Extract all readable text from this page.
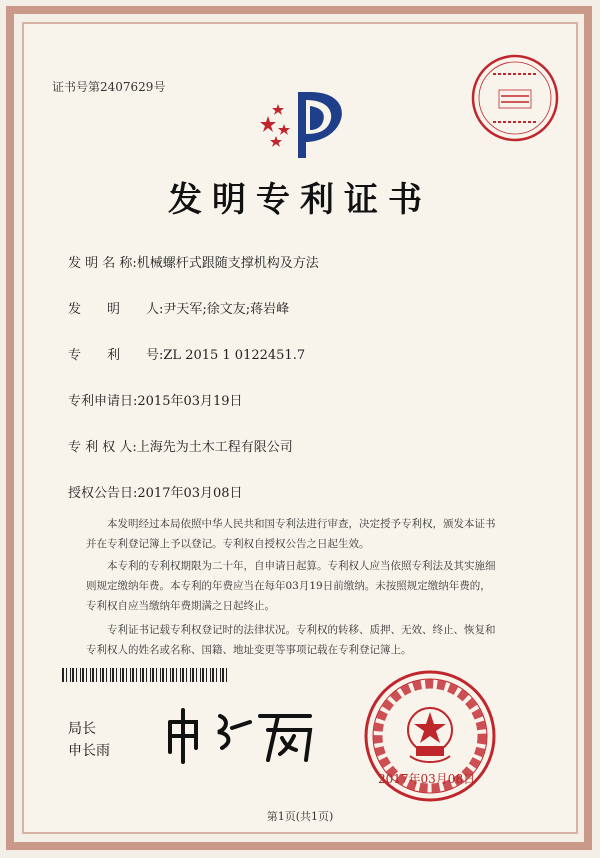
证书号第2407629号
发明专利证书
发 明 名 称:机械螺杆式跟随支撑机构及方法
发　　明　　人:尹天军;徐文友;蒋岩峰
专　　利　　号:ZL 2015 1 0122451.7
专利申请日:2015年03月19日
专 利 权 人:上海先为土木工程有限公司
授权公告日:2017年03月08日
本发明经过本局依照中华人民共和国专利法进行审查，决定授予专利权，颁发本证书
并在专利登记簿上予以登记。专利权自授权公告之日起生效。
本专利的专利权期限为二十年，自申请日起算。专利权人应当依照专利法及其实施细
则规定缴纳年费。本专利的年费应当在每年03月19日前缴纳。未按照规定缴纳年费的，
专利权自应当缴纳年费期满之日起终止。
专利证书记载专利权登记时的法律状况。专利权的转移、质押、无效、终止、恢复和
专利权人的姓名或名称、国籍、地址变更等事项记载在专利登记簿上。
局长
申长雨
2017年03月08日
第1页(共1页)
